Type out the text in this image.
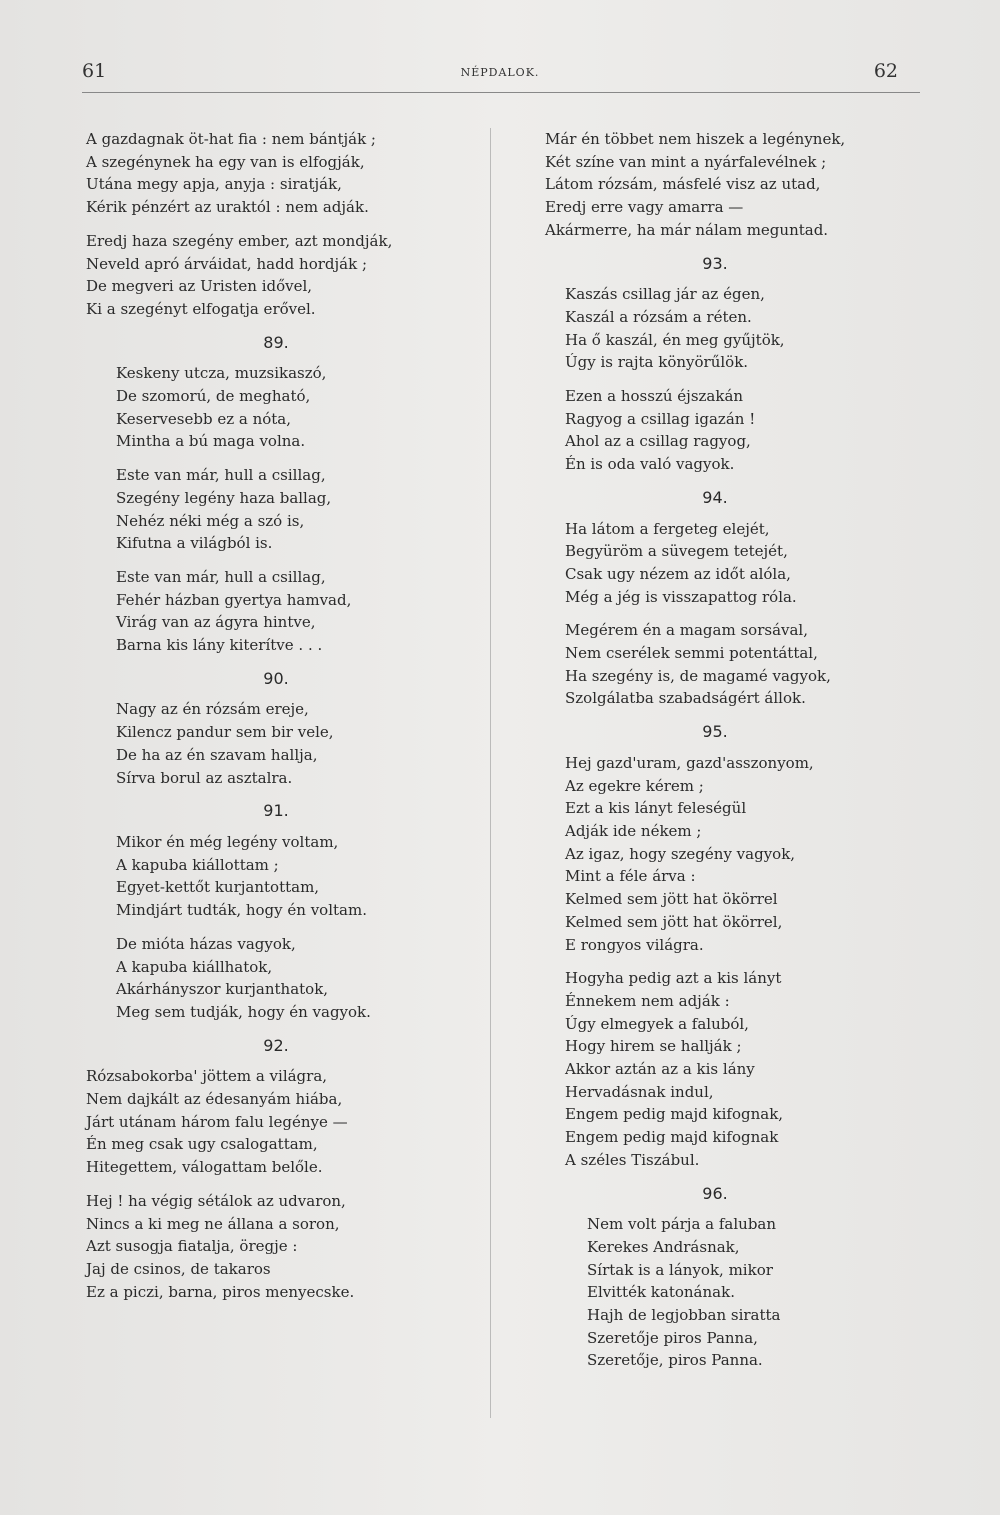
61	NÉPDALOK.	62
A gazdagnak öt-hat fia : nem bántják ;
A szegénynek ha egy van is elfogják,
Utána megy apja, anyja : siratják,
Kérik pénzért az uraktól : nem adják.
Eredj haza szegény ember, azt mondják,
Neveld apró árváidat, hadd hordják ;
De megveri az Uristen idővel,
Ki a szegényt elfogatja erővel.
89.
Keskeny utcza, muzsikaszó,
De szomorú, de megható,
Keservesebb ez a nóta,
Mintha a bú maga volna.
Este van már, hull a csillag,
Szegény legény haza ballag,
Nehéz néki még a szó is,
Kifutna a világból is.
Este van már, hull a csillag,
Fehér házban gyertya hamvad,
Virág van az ágyra hintve,
Barna kis lány kiterítve . . .
90.
Nagy az én rózsám ereje,
Kilencz pandur sem bir vele,
De ha az én szavam hallja,
Sírva borul az asztalra.
91.
Mikor én még legény voltam,
A kapuba kiállottam ;
Egyet-kettőt kurjantottam,
Mindjárt tudták, hogy én voltam.
De mióta házas vagyok,
A kapuba kiállhatok,
Akárhányszor kurjanthatok,
Meg sem tudják, hogy én vagyok.
92.
Rózsabokorba' jöttem a világra,
Nem dajkált az édesanyám hiába,
Járt utánam három falu legénye —
Én meg csak ugy csalogattam,
Hitegettem, válogattam belőle.
Hej ! ha végig sétálok az udvaron,
Nincs a ki meg ne állana a soron,
Azt susogja fiatalja, öregje :
Jaj de csinos, de takaros
Ez a piczi, barna, piros menyecske.
Már én többet nem hiszek a legénynek,
Két színe van mint a nyárfalevélnek ;
Látom rózsám, másfelé visz az utad,
Eredj erre vagy amarra —
Akármerre, ha már nálam meguntad.
93.
Kaszás csillag jár az égen,
Kaszál a rózsám a réten.
Ha ő kaszál, én meg gyűjtök,
Úgy is rajta könyörűlök.
Ezen a hosszú éjszakán
Ragyog a csillag igazán !
Ahol az a csillag ragyog,
Én is oda való vagyok.
94.
Ha látom a fergeteg elejét,
Begyüröm a süvegem tetejét,
Csak ugy nézem az időt alóla,
Még a jég is visszapattog róla.
Megérem én a magam sorsával,
Nem cserélek semmi potentáttal,
Ha szegény is, de magamé vagyok,
Szolgálatba szabadságért állok.
95.
Hej gazd'uram, gazd'asszonyom,
Az egekre kérem ;
Ezt a kis lányt feleségül
Adják ide nékem ;
Az igaz, hogy szegény vagyok,
Mint a féle árva :
Kelmed sem jött hat ökörrel
Kelmed sem jött hat ökörrel,
E rongyos világra.
Hogyha pedig azt a kis lányt
Énnekem nem adják :
Úgy elmegyek a faluból,
Hogy hirem se hallják ;
Akkor aztán az a kis lány
Hervadásnak indul,
Engem pedig majd kifognak,
Engem pedig majd kifognak
A széles Tiszábul.
96.
Nem volt párja a faluban
Kerekes Andrásnak,
Sírtak is a lányok, mikor
Elvitték katonának.
Hajh de legjobban siratta
Szeretője piros Panna,
Szeretője, piros Panna.
